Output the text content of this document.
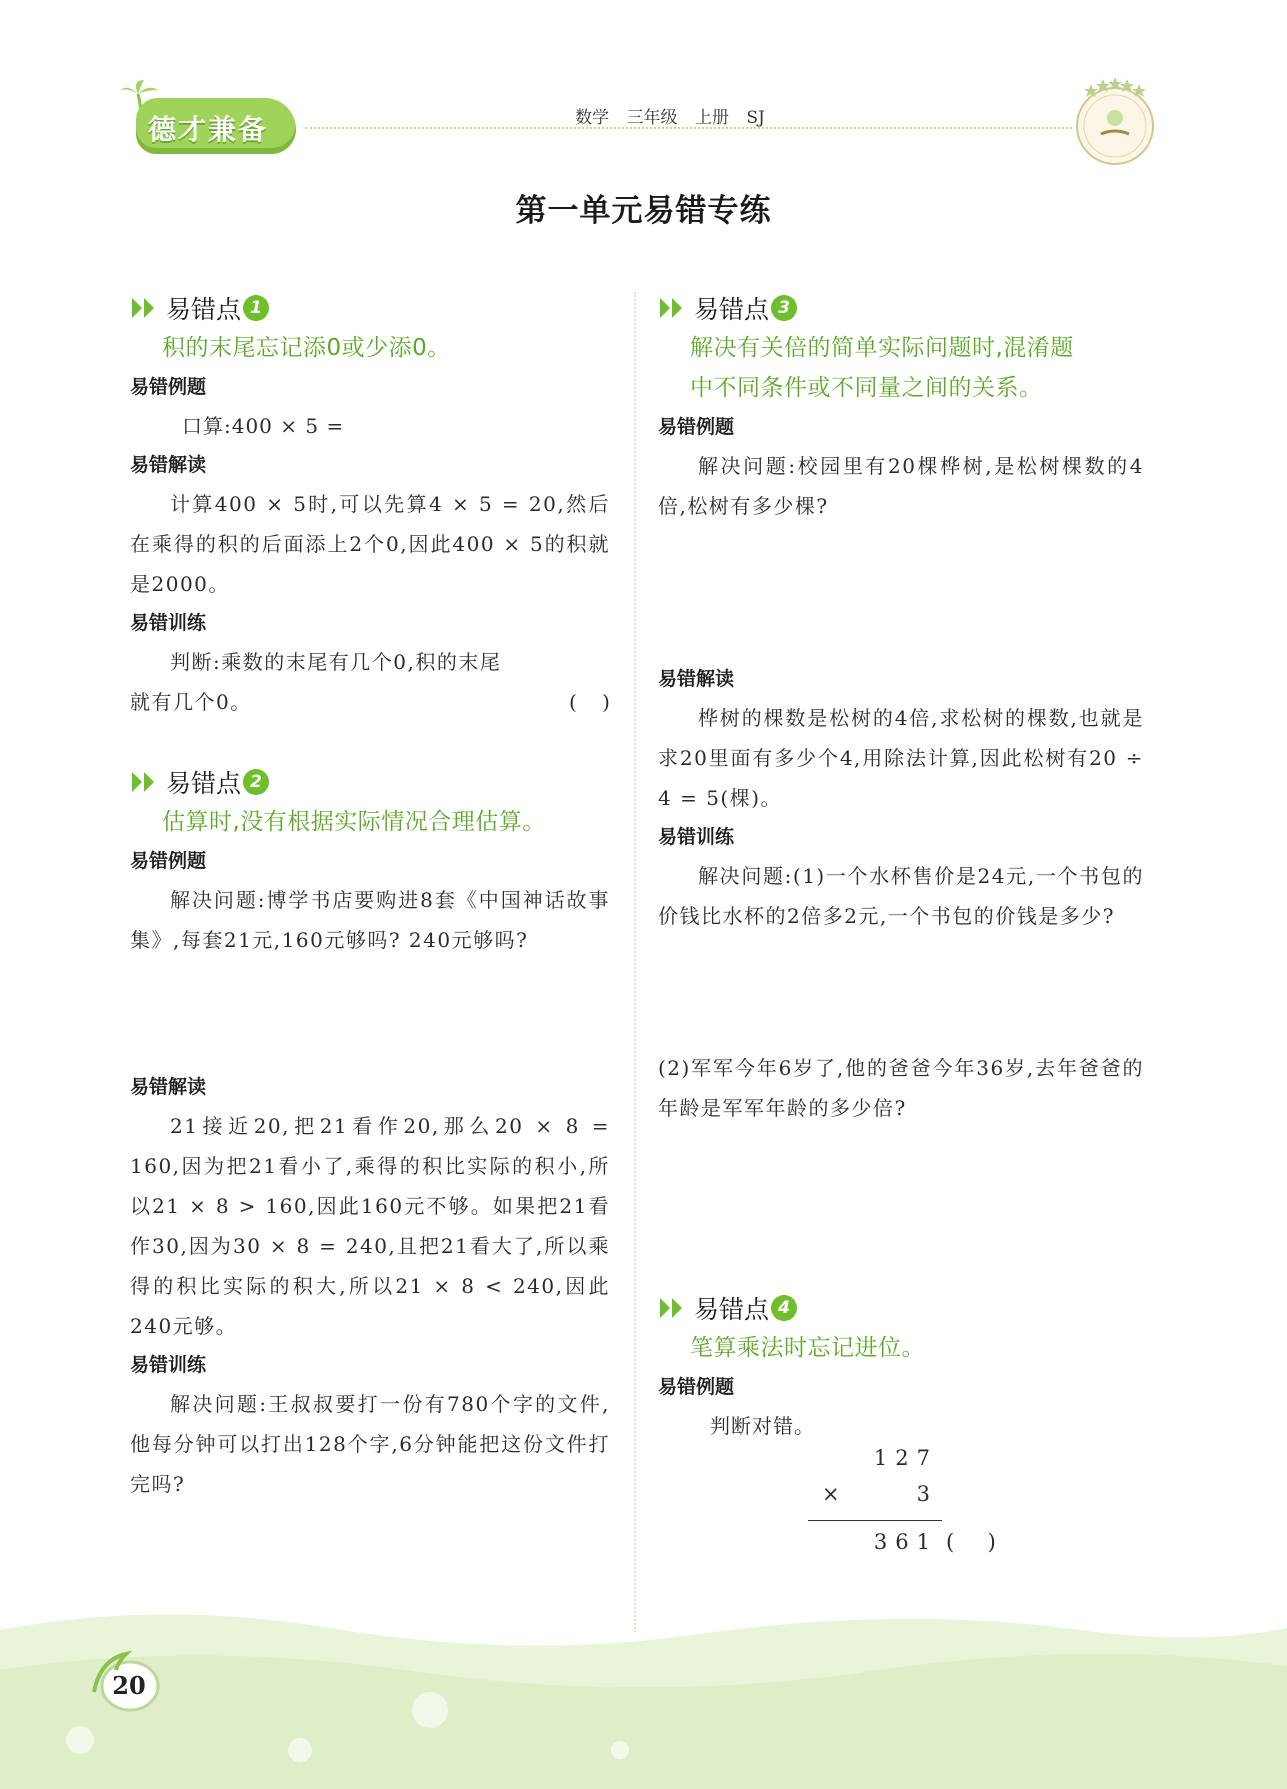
德才兼备	数学 三年级 上册 SJ
第一单元易错专练
易错点 1
积的末尾忘记添0或少添0。
易错例题
口算:400 × 5 =
易错解读

计算400 × 5时,可以先算4 × 5 = 20,然后在乘得的积的后面添上2个0,因此400 × 5的积就是2000。

易错训练

判断:乘数的末尾有几个0,积的末尾

就有几个0。	(    )
易错点 2
估算时,没有根据实际情况合理估算。
易错例题

解决问题:博学书店要购进8套《中国神话故事集》,每套21元,160元够吗? 240元够吗?

易错解读

21接近20,把21看作20,那么20 × 8 = 160,因为把21看小了,乘得的积比实际的积小,所以21 × 8 > 160,因此160元不够。如果把21看作30,因为30 × 8 = 240,且把21看大了,所以乘得的积比实际的积大,所以21 × 8 < 240,因此240元够。

易错训练

解决问题:王叔叔要打一份有780个字的文件,他每分钟可以打出128个字,6分钟能把这份文件打完吗?

易错点 3
解决有关倍的简单实际问题时,混淆题
中不同条件或不同量之间的关系。
易错例题

解决问题:校园里有20棵桦树,是松树棵数的4倍,松树有多少棵?

易错解读

桦树的棵数是松树的4倍,求松树的棵数,也就是求20里面有多少个4,用除法计算,因此松树有20 ÷ 4 = 5(棵)。

易错训练

解决问题:(1)一个水杯售价是24元,一个书包的价钱比水杯的2倍多2元,一个书包的价钱是多少?

(2)军军今年6岁了,他的爸爸今年36岁,去年爸爸的年龄是军军年龄的多少倍?

易错点 4
笔算乘法时忘记进位。
易错例题
判断对错。
127
×	3
361 (     )
20
